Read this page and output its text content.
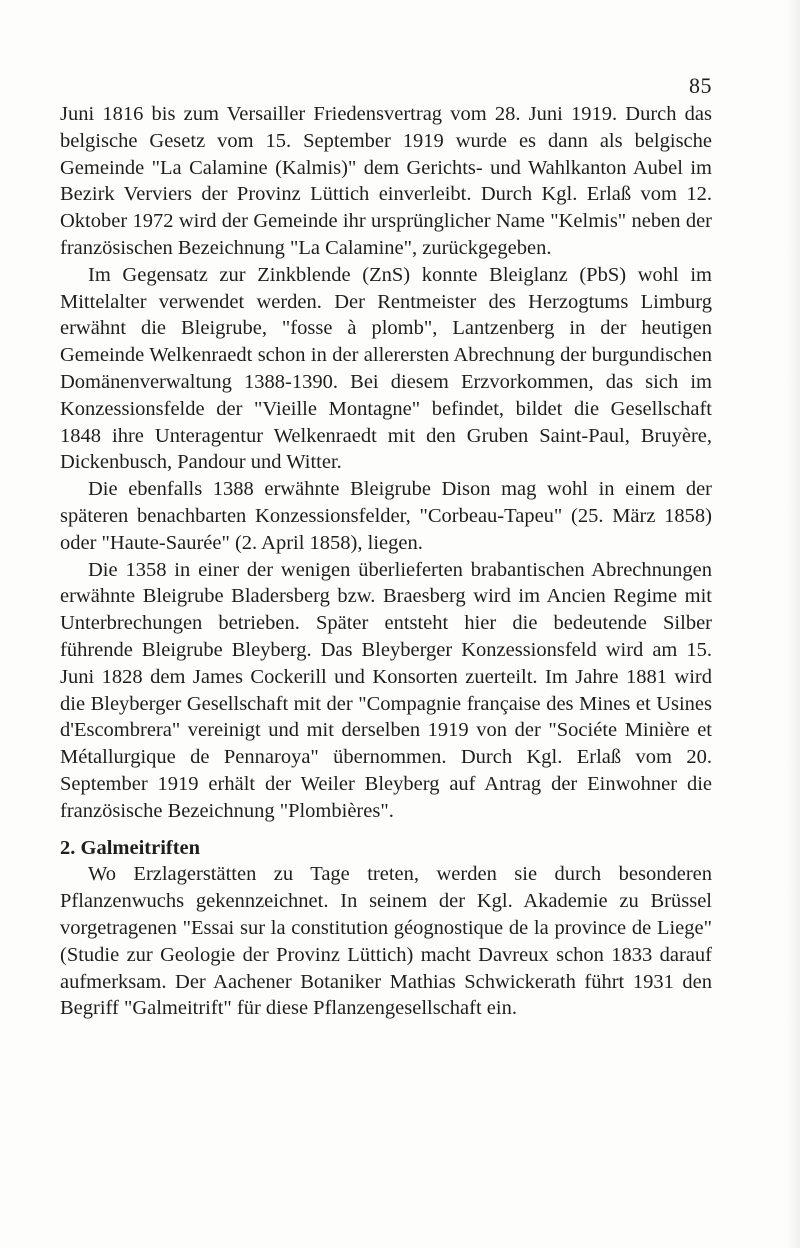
85

Juni 1816 bis zum Versailler Friedensvertrag vom 28. Juni 1919. Durch das belgische Gesetz vom 15. September 1919 wurde es dann als belgische Gemeinde "La Calamine (Kalmis)" dem Gerichts- und Wahlkanton Aubel im Bezirk Verviers der Provinz Lüttich einverleibt. Durch Kgl. Erlaß vom 12. Oktober 1972 wird der Gemeinde ihr ursprünglicher Name "Kelmis" neben der französischen Bezeichnung "La Calamine", zurückgegeben.

Im Gegensatz zur Zinkblende (ZnS) konnte Bleiglanz (PbS) wohl im Mittelalter verwendet werden. Der Rentmeister des Herzogtums Limburg erwähnt die Bleigrube, "fosse à plomb", Lantzenberg in der heutigen Gemeinde Welkenraedt schon in der allerersten Abrechnung der burgundischen Domänenverwaltung 1388-1390. Bei diesem Erzvorkommen, das sich im Konzessionsfelde der "Vieille Montagne" befindet, bildet die Gesellschaft 1848 ihre Unteragentur Welkenraedt mit den Gruben Saint-Paul, Bruyère, Dickenbusch, Pandour und Witter.

Die ebenfalls 1388 erwähnte Bleigrube Dison mag wohl in einem der späteren benachbarten Konzessionsfelder, "Corbeau-Tapeu" (25. März 1858) oder "Haute-Saurée" (2. April 1858), liegen.

Die 1358 in einer der wenigen überlieferten brabantischen Abrechnungen erwähnte Bleigrube Bladersberg bzw. Braesberg wird im Ancien Regime mit Unterbrechungen betrieben. Später entsteht hier die bedeutende Silber führende Bleigrube Bleyberg. Das Bleyberger Konzessionsfeld wird am 15. Juni 1828 dem James Cockerill und Konsorten zuerteilt. Im Jahre 1881 wird die Bleyberger Gesellschaft mit der "Compagnie française des Mines et Usines d'Escombrera" vereinigt und mit derselben 1919 von der "Sociéte Minière et Métallurgique de Pennaroya" übernommen. Durch Kgl. Erlaß vom 20. September 1919 erhält der Weiler Bleyberg auf Antrag der Einwohner die französische Bezeichnung "Plombières".

2. Galmeitriften

Wo Erzlagerstätten zu Tage treten, werden sie durch besonderen Pflanzenwuchs gekennzeichnet. In seinem der Kgl. Akademie zu Brüssel vorgetragenen "Essai sur la constitution géognostique de la province de Liege" (Studie zur Geologie der Provinz Lüttich) macht Davreux schon 1833 darauf aufmerksam. Der Aachener Botaniker Mathias Schwickerath führt 1931 den Begriff "Galmeitrift" für diese Pflanzengesellschaft ein.
